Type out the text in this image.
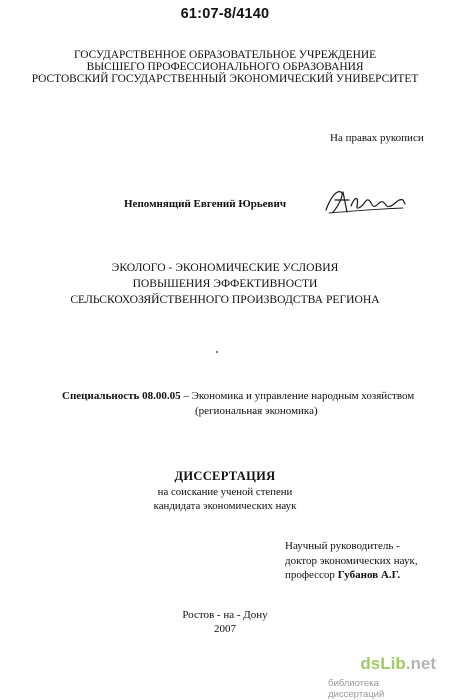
61:07-8/4140
ГОСУДАРСТВЕННОЕ ОБРАЗОВАТЕЛЬНОЕ УЧРЕЖДЕНИЕ
ВЫСШЕГО ПРОФЕССИОНАЛЬНОГО ОБРАЗОВАНИЯ
РОСТОВСКИЙ ГОСУДАРСТВЕННЫЙ ЭКОНОМИЧЕСКИЙ УНИВЕРСИТЕТ
На правах рукописи
Непомнящий Евгений Юрьевич
ЭКОЛОГО - ЭКОНОМИЧЕСКИЕ УСЛОВИЯ
ПОВЫШЕНИЯ ЭФФЕКТИВНОСТИ
СЕЛЬСКОХОЗЯЙСТВЕННОГО ПРОИЗВОДСТВА РЕГИОНА
Специальность 08.00.05 – Экономика и управление народным хозяйством
(региональная экономика)
ДИССЕРТАЦИЯ
на соискание ученой степени
кандидата экономических наук
Научный руководитель -
доктор экономических наук,
профессор Губанов А.Г.
Ростов - на - Дону
2007
dsLib.net
библиотека диссертаций
